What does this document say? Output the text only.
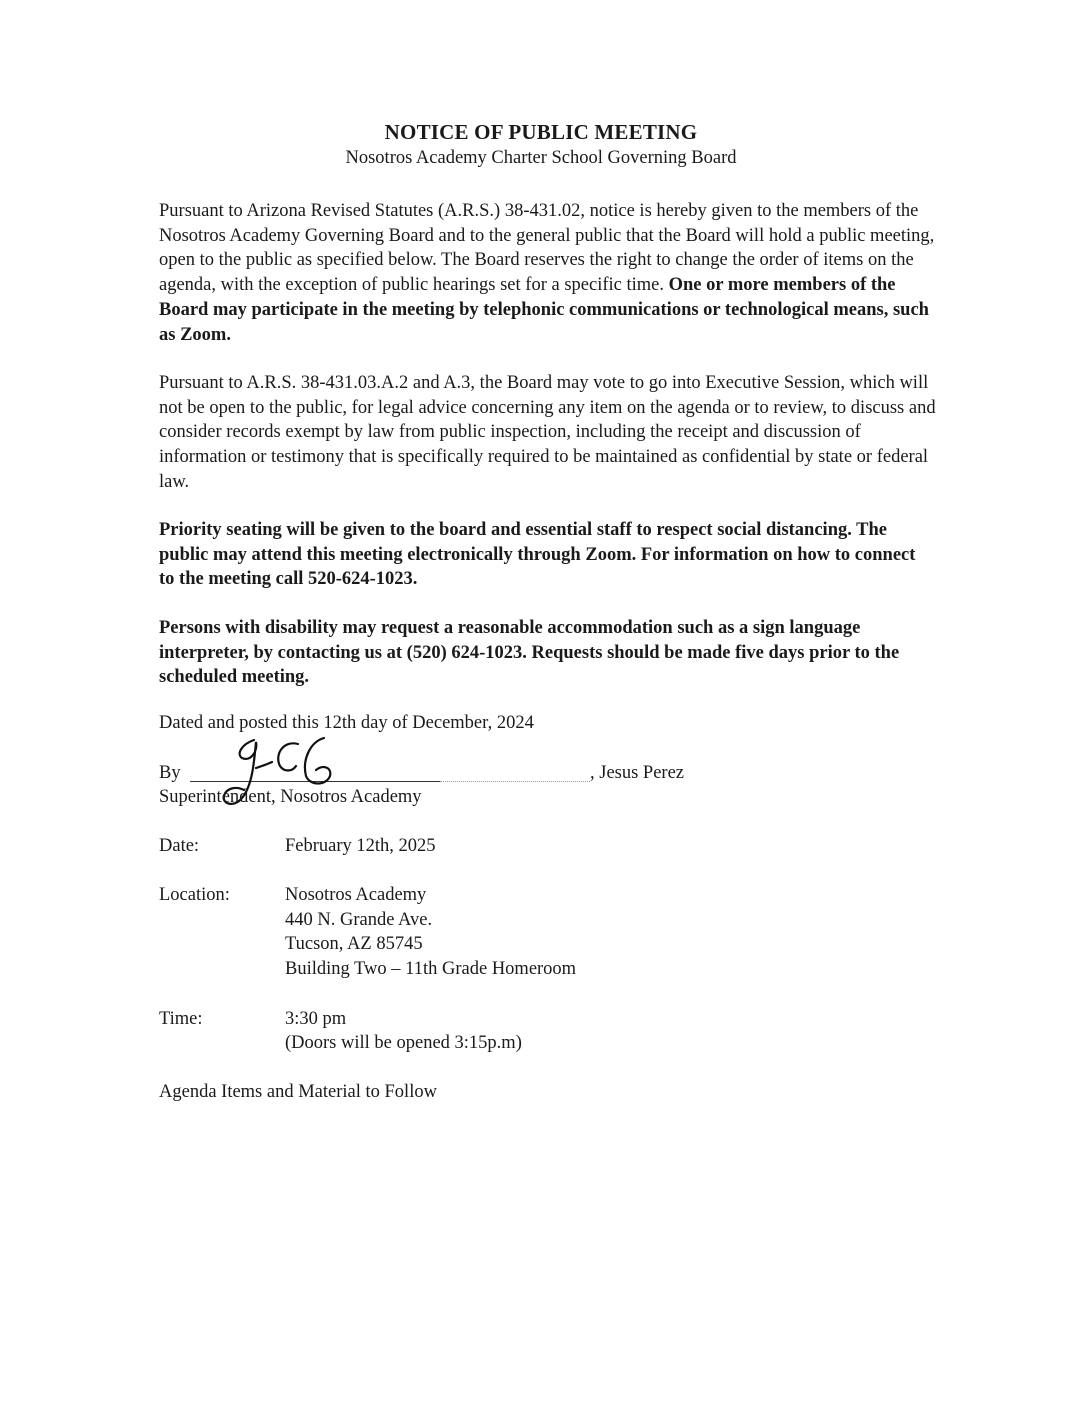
NOTICE OF PUBLIC MEETING
Nosotros Academy Charter School Governing Board

Pursuant to Arizona Revised Statutes (A.R.S.) 38-431.02, notice is hereby given to the members of the Nosotros Academy Governing Board and to the general public that the Board will hold a public meeting, open to the public as specified below. The Board reserves the right to change the order of items on the agenda, with the exception of public hearings set for a specific time. One or more members of the Board may participate in the meeting by telephonic communications or technological means, such as Zoom.

Pursuant to A.R.S. 38-431.03.A.2 and A.3, the Board may vote to go into Executive Session, which will not be open to the public, for legal advice concerning any item on the agenda or to review, to discuss and consider records exempt by law from public inspection, including the receipt and discussion of information or testimony that is specifically required to be maintained as confidential by state or federal law.

Priority seating will be given to the board and essential staff to respect social distancing. The public may attend this meeting electronically through Zoom. For information on how to connect to the meeting call 520-624-1023.

Persons with disability may request a reasonable accommodation such as a sign language interpreter, by contacting us at (520) 624-1023. Requests should be made five days prior to the scheduled meeting.

Dated and posted this 12th day of December, 2024
By	, Jesus Perez
Superintendent, Nosotros Academy
Date:	February 12th, 2025
Location:	Nosotros Academy
440 N. Grande Ave.
Tucson, AZ 85745
Building Two – 11th Grade Homeroom
Time:	3:30 pm
(Doors will be opened 3:15p.m)
Agenda Items and Material to Follow
